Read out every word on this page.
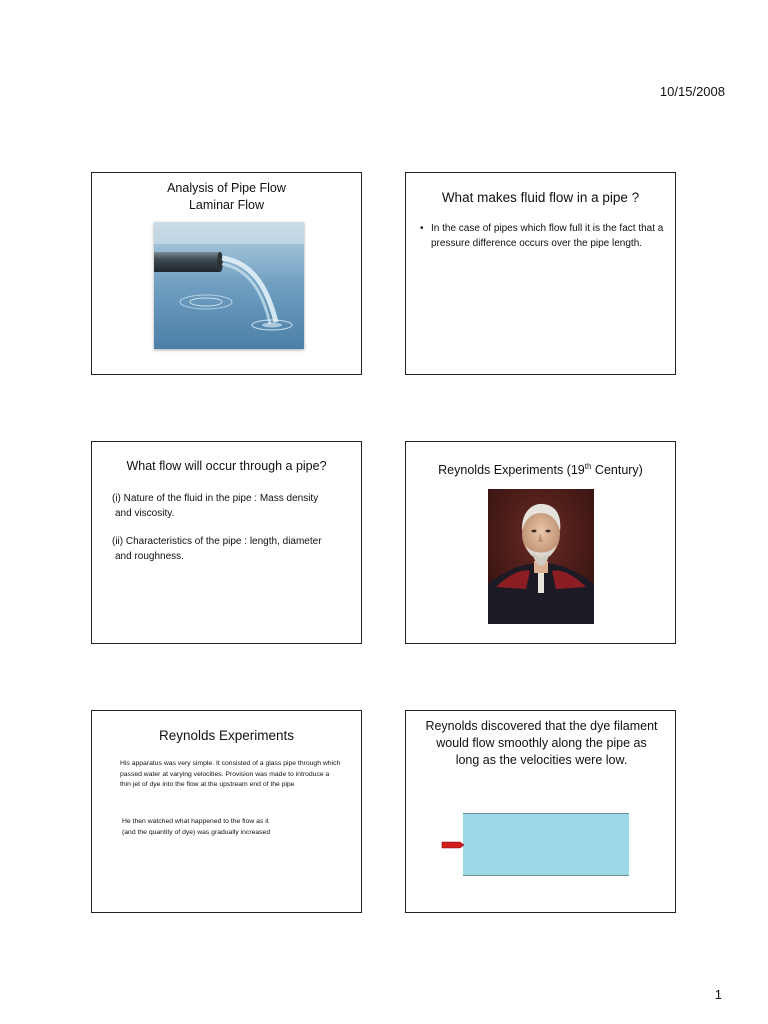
10/15/2008
Analysis of Pipe Flow
Laminar Flow	What makes fluid flow in a pipe ?
• In the case of pipes which flow full it is the fact that a pressure difference occurs over the pipe length.
What flow will occur through a pipe?
(i) Nature of the fluid in the pipe : Mass density
and viscosity.
(ii) Characteristics of the pipe : length, diameter
and roughness.
Reynolds Experiments (19th Century)
Reynolds Experiments
His apparatus was very simple. It consisted of a glass pipe through which passed water at varying velocities. Provision was made to introduce a thin jet of dye into the flow at the upstream end of the pipe
He then watched what happened to the flow as it
(and the quantity of dye) was gradually increased
Reynolds discovered that the dye filament would flow smoothly along the pipe as long as the velocities were low.
1
